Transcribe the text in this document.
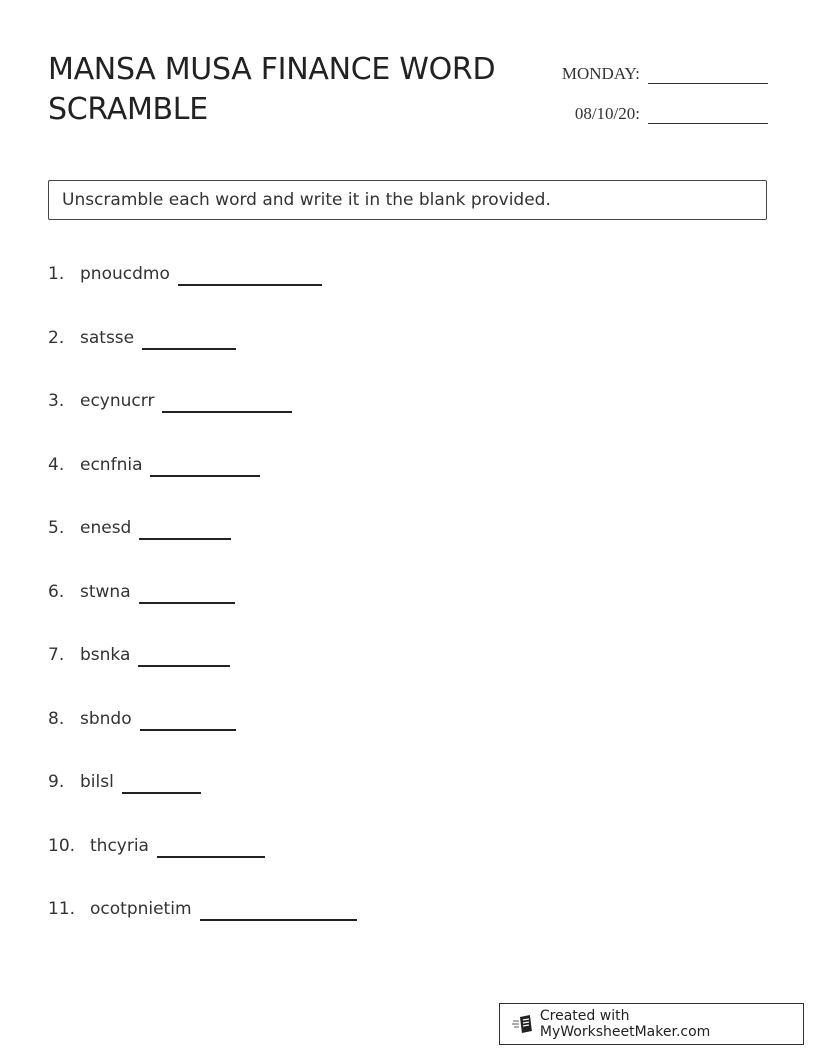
MANSA MUSA FINANCE WORD SCRAMBLE
MONDAY:
08/10/20:
Unscramble each word and write it in the blank provided.
1. pnoucdmo
2. satsse
3. ecynucrr
4. ecnfnia
5. enesd
6. stwna
7. bsnka
8. sbndo
9. bilsl
10. thcyria
11. ocotpnietim
Created with MyWorksheetMaker.com
